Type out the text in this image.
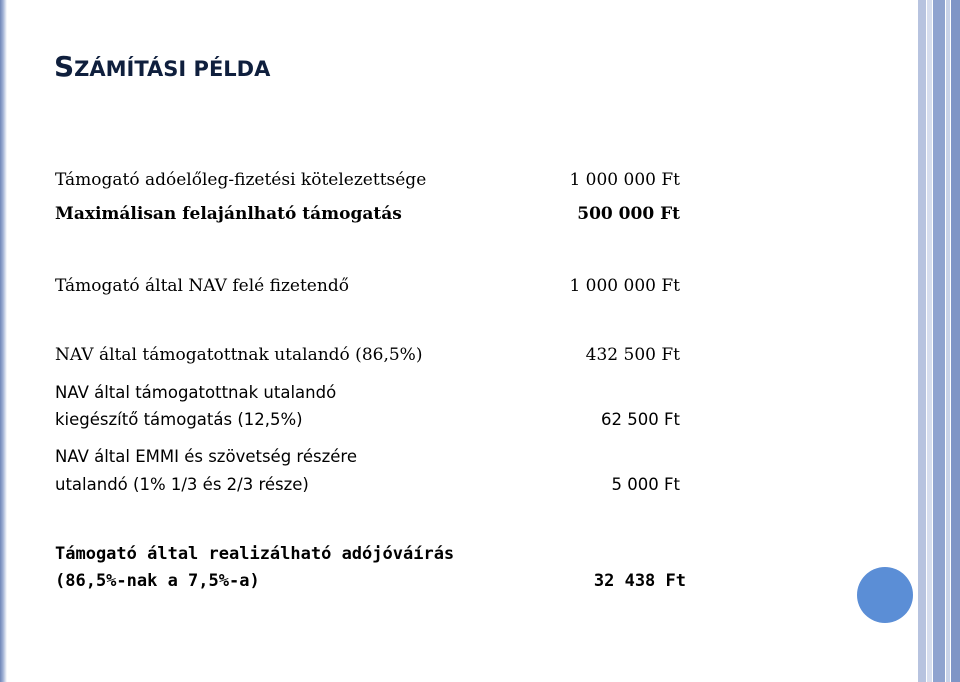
SZÁMÍTÁSI PÉLDA
Támogató adóelőleg-fizetési kötelezettsége	1 000 000 Ft
Maximálisan felajánlható támogatás	500 000 Ft
Támogató által NAV felé fizetendő	1 000 000 Ft
NAV által támogatottnak utalandó (86,5%)	432 500 Ft
NAV által támogatottnak utalandó
kiegészítő támogatás (12,5%)	62 500 Ft
NAV által EMMI és szövetség részére
utalandó (1% 1/3 és 2/3 része)	5 000 Ft
Támogató által realizálható adójóváírás
(86,5%-nak a 7,5%-a)	32 438 Ft
